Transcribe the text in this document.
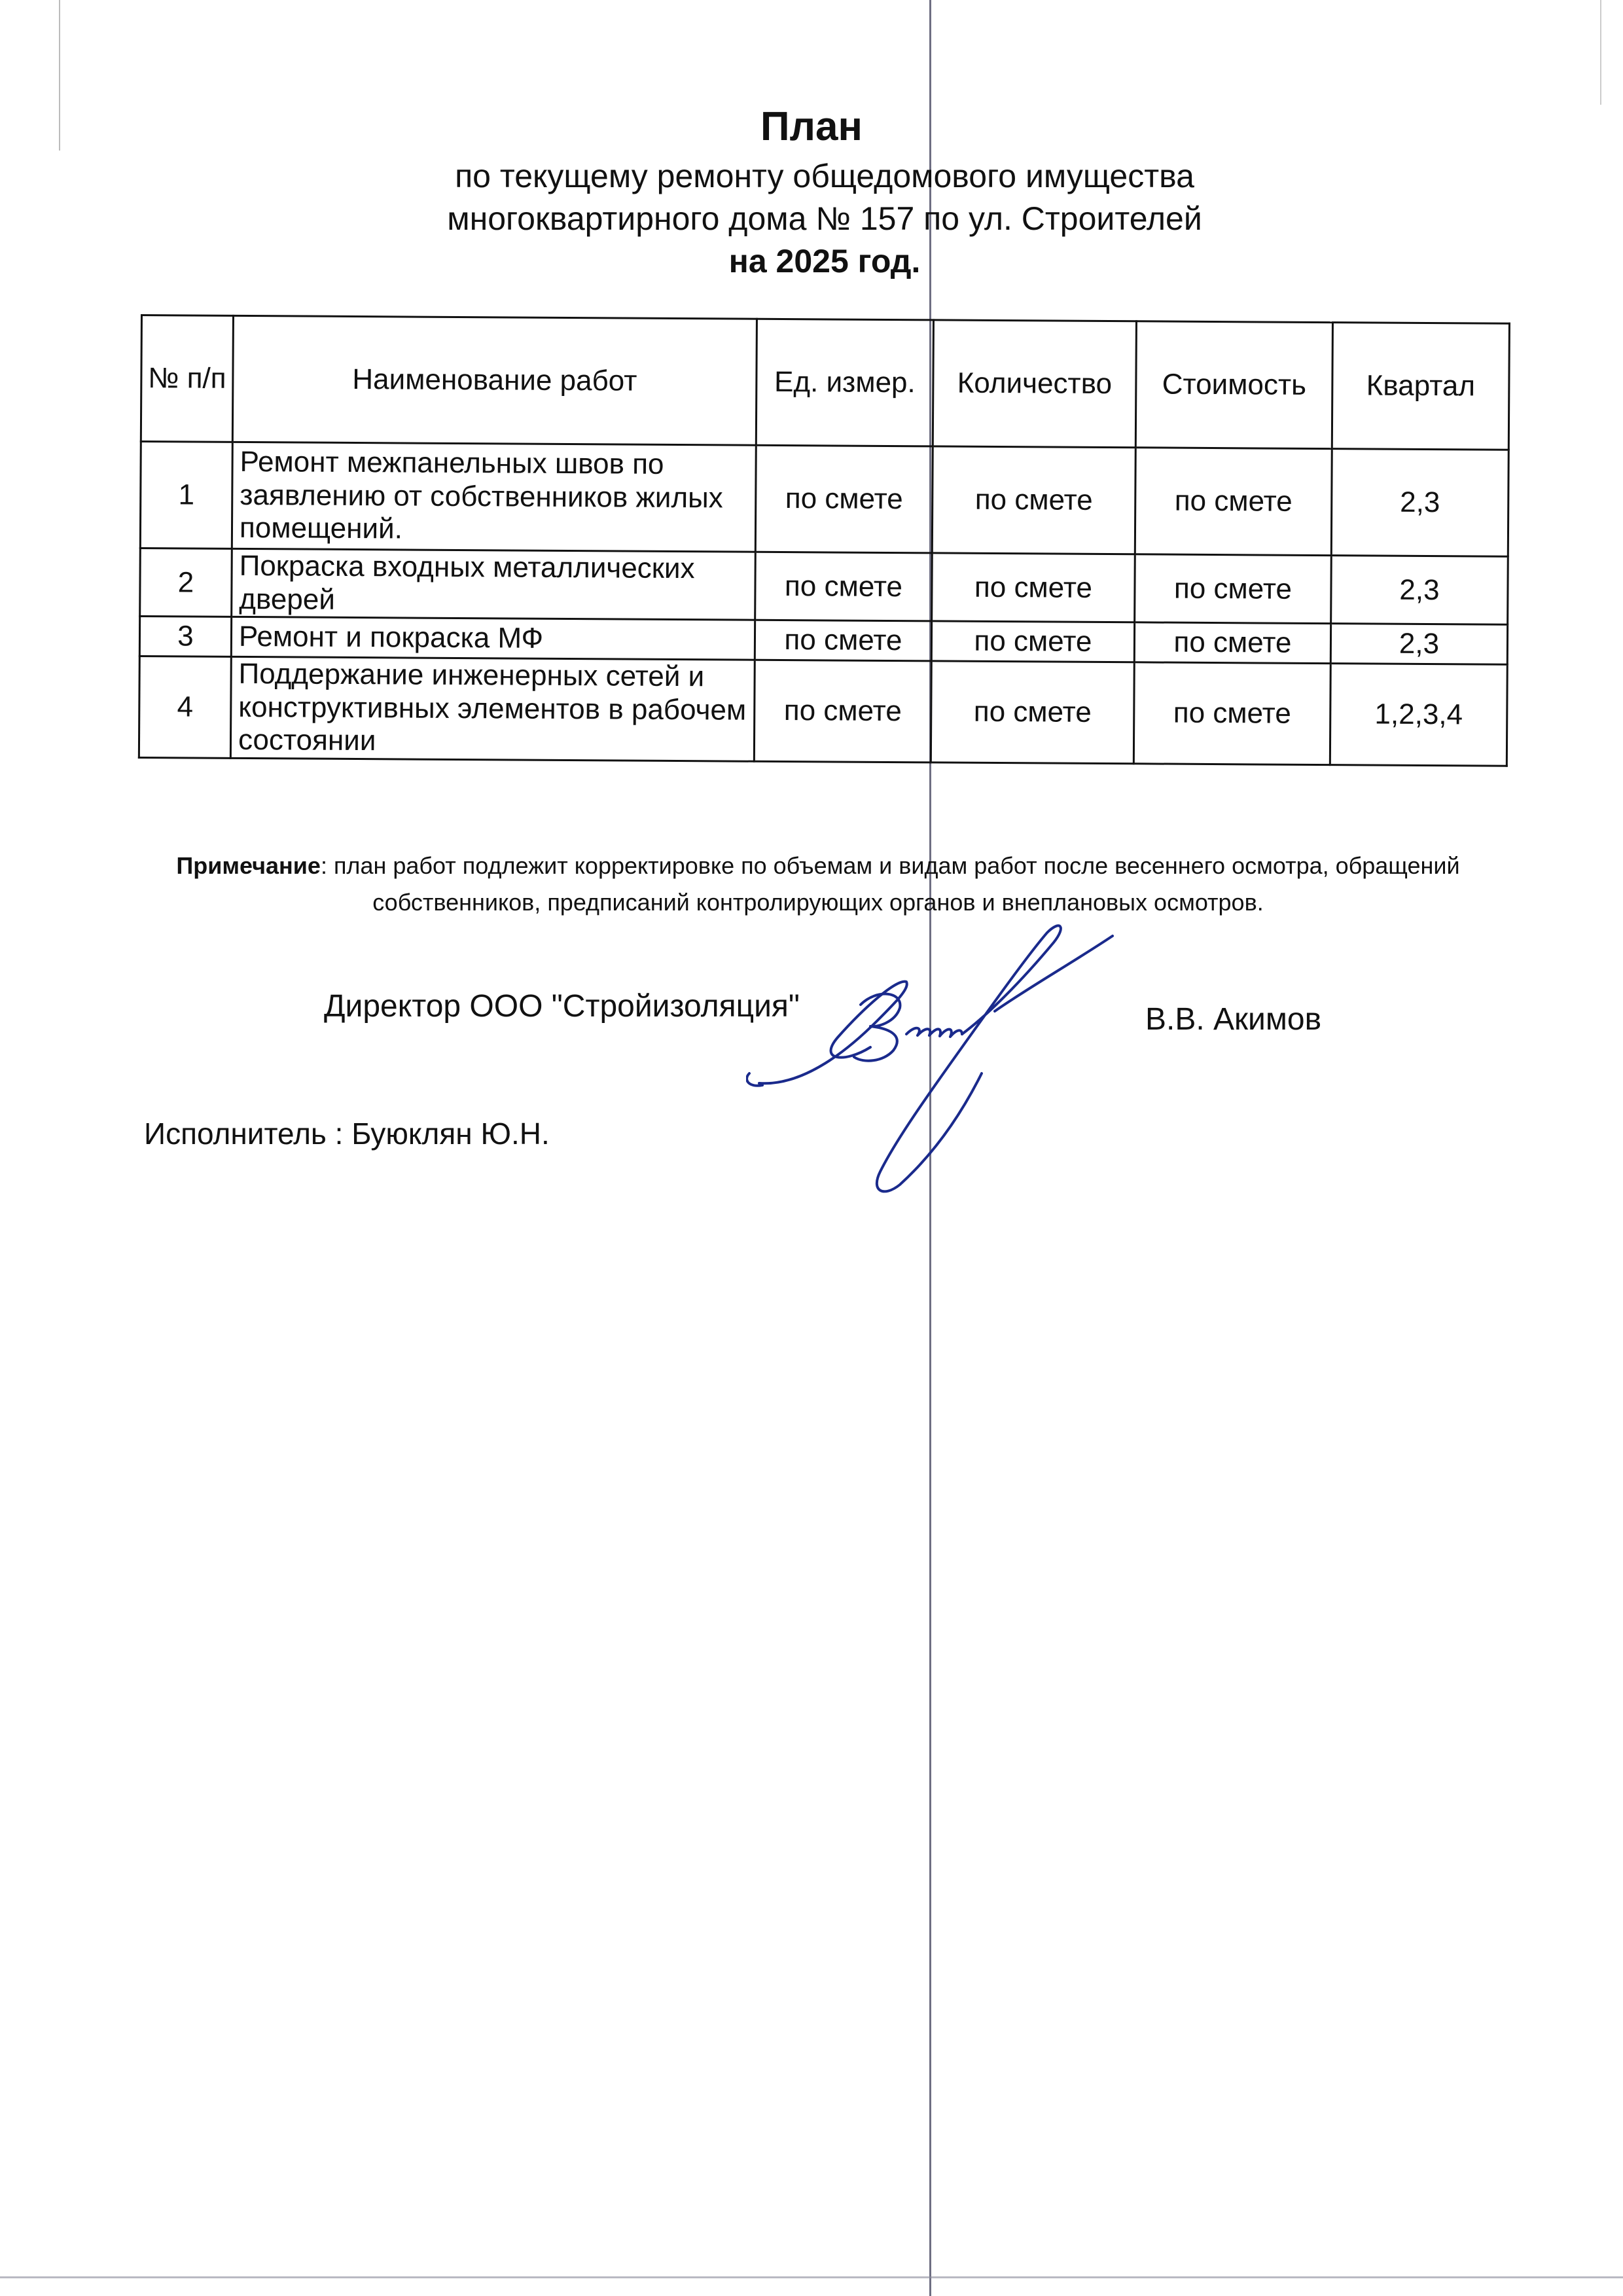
План
по текущему ремонту общедомового имущества
многоквартирного дома № 157 по ул. Строителей
на 2025 год.
№ п/п	Наименование работ	Ед. измер.	Количество	Стоимость	Квартал
1	Ремонт межпанельных швов по заявлению от собственников жилых помещений.	по смете	по смете	по смете	2,3
2	Покраска входных металлических дверей	по смете	по смете	по смете	2,3
3	Ремонт и покраска МФ	по смете	по смете	по смете	2,3
4	Поддержание инженерных сетей и конструктивных элементов в рабочем состоянии	по смете	по смете	по смете	1,2,3,4
Примечание: план работ подлежит корректировке по объемам и видам работ после весеннего осмотра, обращений собственников, предписаний контролирующих органов и внеплановых осмотров.
Директор ООО "Стройизоляция"	В.В. Акимов
Исполнитель : Буюклян Ю.Н.
